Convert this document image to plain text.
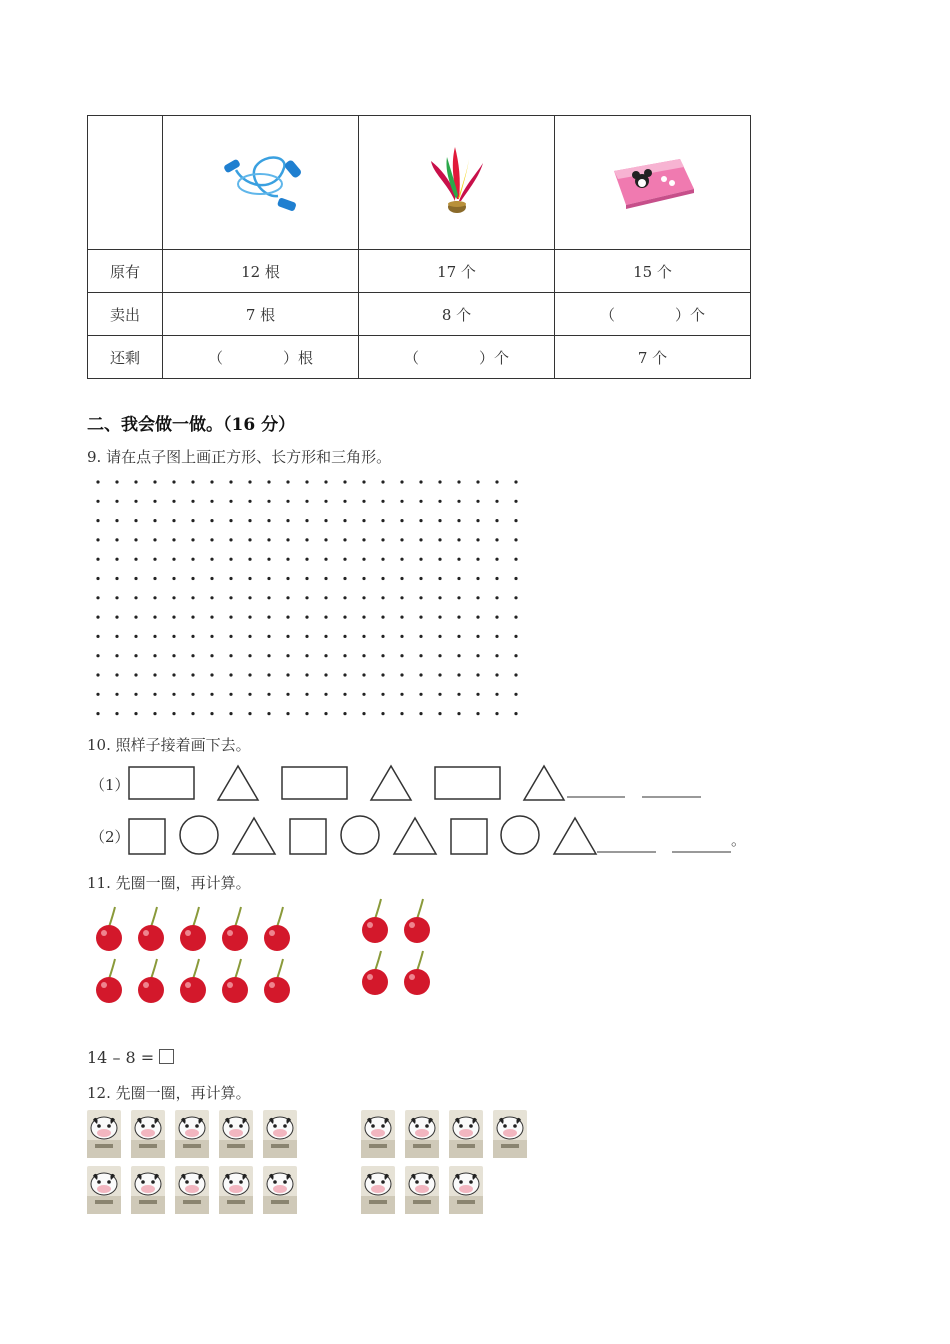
原有	12 根	17 个	15 个
卖出	7 根	8 个	（　　　　）个
还剩	（　　　　）根	（　　　　）个	7 个
二、我会做一做。（16 分）
9. 请在点子图上画正方形、长方形和三角形。
10. 照样子接着画下去。
（1）
（2）	。
11. 先圈一圈，再计算。
14 – 8 =
12. 先圈一圈，再计算。
